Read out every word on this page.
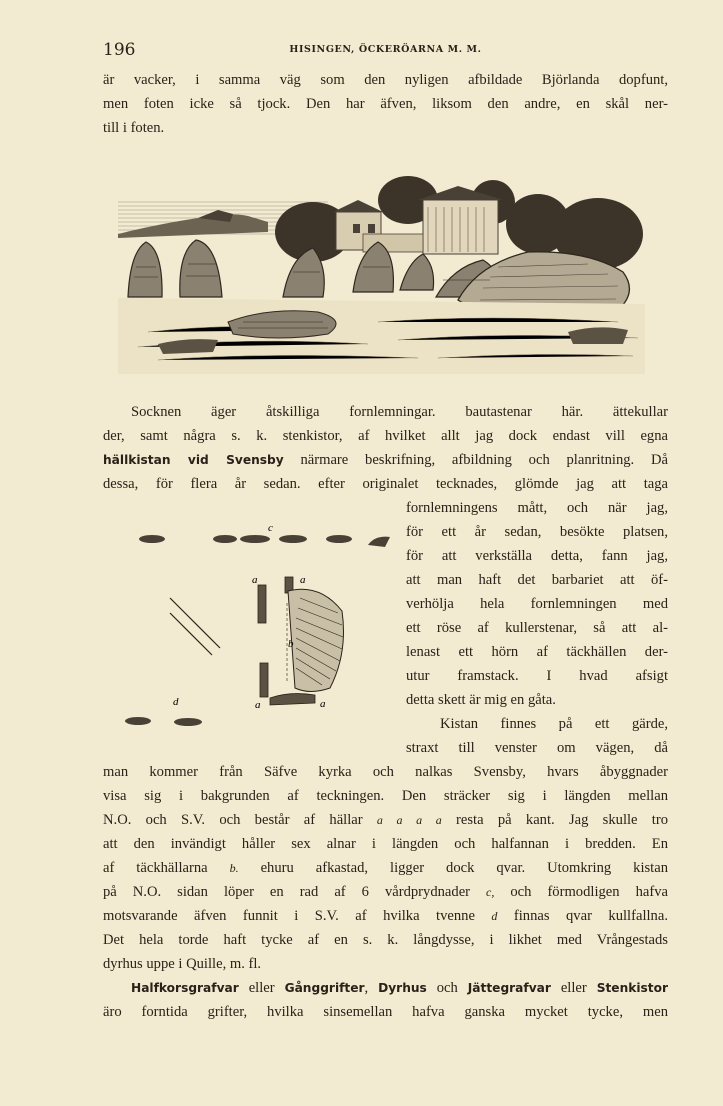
196	HISINGEN, ÖCKERÖARNA M. M.
är vacker, i samma väg som den nyligen afbildade Björlanda dopfunt,
men foten icke så tjock. Den har äfven, liksom den andre, en skål ner-
till i foten.
Socknen äger åtskilliga fornlemningar. bautastenar här. ättekullar
der, samt några s. k. stenkistor, af hvilket allt jag dock endast vill egna
hällkistan vid Svensby närmare beskrifning, afbildning och planritning. Då
dessa, för flera år sedan. efter originalet tecknades, glömde jag att taga
fornlemningens mått, och när jag,
för ett år sedan, besökte platsen,
för att verkställa detta, fann jag,
att man haft det barbariet att öf-
verhölja hela fornlemningen med
ett röse af kullerstenar, så att al-
lenast ett hörn af täckhällen der-
utur framstack. I hvad afsigt
detta skett är mig en gåta.
Kistan finnes på ett gärde,
straxt till venster om vägen, då
c
a	a
b
a	a
d
man kommer från Säfve kyrka och nalkas Svensby, hvars åbyggnader
visa sig i bakgrunden af teckningen. Den sträcker sig i längden mellan
N.O. och S.V. och består af hällar a a a a resta på kant. Jag skulle tro
att den invändigt håller sex alnar i längden och halfannan i bredden. En
af täckhällarna b. ehuru afkastad, ligger dock qvar. Utomkring kistan
på N.O. sidan löper en rad af 6 vårdprydnader c, och förmodligen hafva
motsvarande äfven funnit i S.V. af hvilka tvenne d finnas qvar kullfallna.
Det hela torde haft tycke af en s. k. långdysse, i likhet med Vrångestads
dyrhus uppe i Quille, m. fl.
Halfkorsgrafvar eller Gånggrifter, Dyrhus och Jättegrafvar eller Stenkistor
äro forntida grifter, hvilka sinsemellan hafva ganska mycket tycke, men
